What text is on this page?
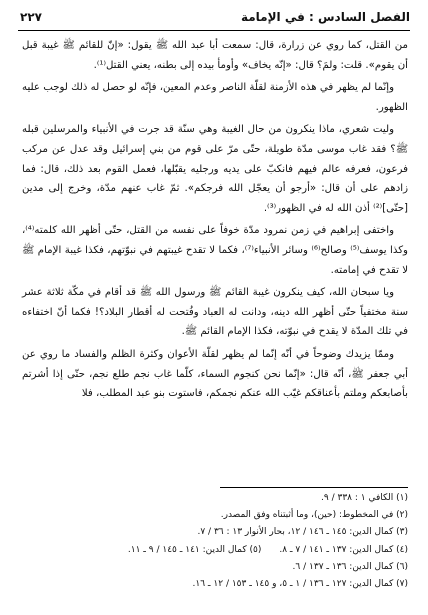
الفصل السادس : في الإمامة
٢٢٧

من القتل، كما روي عن زرارة، قال: سمعت أبا عبد الله ﷺ يقول: «إنّ للقائم ﷺ غيبة قبل أن يقوم». قلت: ولمَ؟ قال: «إنّه يخاف» وأومأ بيده إلى بطنه، يعني القتل⁽¹⁾.

وإنّما لم يظهر في هذه الأزمنة لقلّة الناصر وعدم المعين، فإنّه لو حصل له ذلك لوجب عليه الظهور.

وليت شعري، ماذا ينكرون من حال الغيبة وهي سنّة قد جرت في الأنبياء والمرسلين قبله ﷺ؟ فقد غاب موسى مدّة طويلة، حتّى مرّ على قوم من بني إسرائيل وقد عدل عن مركب فرعون، فعرفه عالم فيهم فانكبّ على يديه ورجليه يقبّلها، فعمل القوم بعد ذلك، قال: فما زادهم على أن قال: «أرجو أن يعجّل الله فرجكم». ثمّ غاب عنهم مدّة، وخرج إلى مدين [حتّى]⁽²⁾ أذن الله له في الظهور⁽³⁾.

واختفى إبراهيم في زمن نمرود مدّة خوفاً على نفسه من القتل، حتّى أظهر الله كلمته⁽⁴⁾، وكذا يوسف⁽⁵⁾ وصالح⁽⁶⁾ وسائر الأنبياء⁽⁷⁾، فكما لا تقدح غيبتهم في نبوّتهم، فكذا غيبة الإمام ﷺ لا تقدح في إمامته.

ويا سبحان الله، كيف ينكرون غيبة القائم ﷺ ورسول الله ﷺ قد أقام في مكّة ثلاثة عشر سنة مختفياً حتّى أظهر الله دينه، ودانت له العباد وفُتحت له أقطار البلاد؟! فكما أنّ اختفاءه في تلك المدّة لا يقدح في نبوّته، فكذا الإمام القائم ﷺ.

وممّا يزيدك وضوحاً في أنّه إنّما لم يظهر لقلّة الأعوان وكثرة الظلم والفساد ما روي عن أبي جعفر ﷺ، أنّه قال: «إنّما نحن كنجوم السماء، كلّما غاب نجم طلع نجم، حتّى إذا أشرتم بأصابعكم وملتم بأعناقكم غيّب الله عنكم نجمكم، فاستوت بنو عبد المطلب، فلا

(١) الكافي ١ : ٣٣٨ / ٩.
(٢) في المخطوط: (حين)، وما أثبتناه وفق المصدر.
(٣) كمال الدين: ١٤٥ ـ ١٤٦ / ١٢، بحار الأنوار ١٣ : ٣٦ / ٧.
(٤) كمال الدين: ١٣٧ ـ ١٤١ / ٧ ـ ٨.
(٥) كمال الدين: ١٤١ ـ ١٤٥ / ٩ ـ ١١.
(٦) كمال الدين: ١٣٦ ـ ١٣٧ / ٦.
(٧) كمال الدين: ١٢٧ ـ ١٣٦ / ١ ـ ٥، و ١٤٥ ـ ١٥٣ / ١٢ ـ ١٦.
